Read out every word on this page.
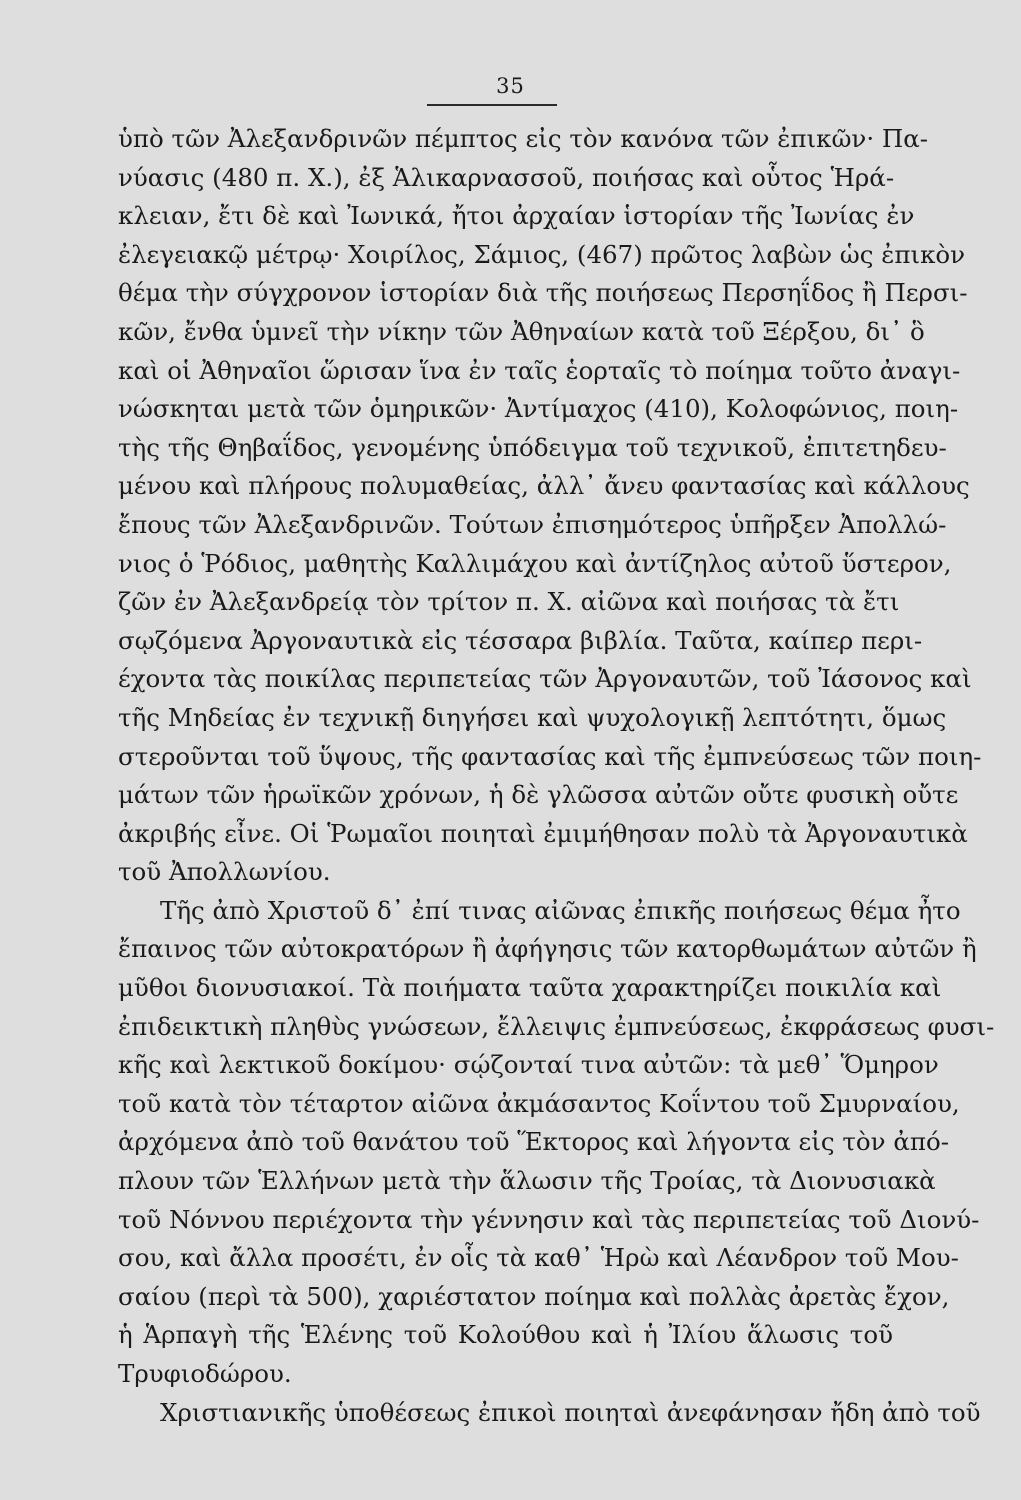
35
ὑπὸ τῶν Ἀλεξανδρινῶν πέμπτος εἰς τὸν κανόνα τῶν ἐπικῶν· Πα-
νύασις (480 π. Χ.), ἐξ Ἁλικαρνασσοῦ, ποιήσας καὶ οὗτος Ἡρά-
κλειαν, ἔτι δὲ καὶ Ἰωνικά, ἤτοι ἀρχαίαν ἱστορίαν τῆς Ἰωνίας ἐν
ἐλεγειακῷ μέτρῳ· Χοιρίλος, Σάμιος, (467) πρῶτος λαβὼν ὡς ἐπικὸν
θέμα τὴν σύγχρονον ἱστορίαν διὰ τῆς ποιήσεως Περσηΐδος ἢ Περσι-
κῶν, ἔνθα ὑμνεῖ τὴν νίκην τῶν Ἀθηναίων κατὰ τοῦ Ξέρξου, δι᾿ ὃ
καὶ οἱ Ἀθηναῖοι ὥρισαν ἵνα ἐν ταῖς ἑορταῖς τὸ ποίημα τοῦτο ἀναγι-
νώσκηται μετὰ τῶν ὁμηρικῶν· Ἀντίμαχος (410), Κολοφώνιος, ποιη-
τὴς τῆς Θηβαΐδος, γενομένης ὑπόδειγμα τοῦ τεχνικοῦ, ἐπιτετηδευ-
μένου καὶ πλήρους πολυμαθείας, ἀλλ᾿ ἄνευ φαντασίας καὶ κάλλους
ἔπους τῶν Ἀλεξανδρινῶν. Τούτων ἐπισημότερος ὑπῆρξεν Ἀπολλώ-
νιος ὁ Ῥόδιος, μαθητὴς Καλλιμάχου καὶ ἀντίζηλος αὐτοῦ ὕστερον,
ζῶν ἐν Ἀλεξανδρείᾳ τὸν τρίτον π. Χ. αἰῶνα καὶ ποιήσας τὰ ἔτι
σῳζόμενα Ἀργοναυτικὰ εἰς τέσσαρα βιβλία. Ταῦτα, καίπερ περι-
έχοντα τὰς ποικίλας περιπετείας τῶν Ἀργοναυτῶν, τοῦ Ἰάσονος καὶ
τῆς Μηδείας ἐν τεχνικῇ διηγήσει καὶ ψυχολογικῇ λεπτότητι, ὅμως
στεροῦνται τοῦ ὕψους, τῆς φαντασίας καὶ τῆς ἐμπνεύσεως τῶν ποιη-
μάτων τῶν ἡρωϊκῶν χρόνων, ἡ δὲ γλῶσσα αὐτῶν οὔτε φυσικὴ οὔτε
ἀκριβής εἶνε. Οἱ Ῥωμαῖοι ποιηταὶ ἐμιμήθησαν πολὺ τὰ Ἀργοναυτικὰ
τοῦ Ἀπολλωνίου.
Τῆς ἀπὸ Χριστοῦ δ᾿ ἐπί τινας αἰῶνας ἐπικῆς ποιήσεως θέμα ἦτο
ἔπαινος τῶν αὐτοκρατόρων ἢ ἀφήγησις τῶν κατορθωμάτων αὐτῶν ἢ
μῦθοι διονυσιακοί. Τὰ ποιήματα ταῦτα χαρακτηρίζει ποικιλία καὶ
ἐπιδεικτικὴ πληθὺς γνώσεων, ἔλλειψις ἐμπνεύσεως, ἐκφράσεως φυσι-
κῆς καὶ λεκτικοῦ δοκίμου· σῴζονταί τινα αὐτῶν: τὰ μεθ᾿ Ὅμηρον
τοῦ κατὰ τὸν τέταρτον αἰῶνα ἀκμάσαντος Κοΐντου τοῦ Σμυρναίου,
ἀρχόμενα ἀπὸ τοῦ θανάτου τοῦ Ἕκτορος καὶ λήγοντα εἰς τὸν ἀπό-
πλουν τῶν Ἑλλήνων μετὰ τὴν ἅλωσιν τῆς Τροίας, τὰ Διονυσιακὰ
τοῦ Νόννου περιέχοντα τὴν γέννησιν καὶ τὰς περιπετείας τοῦ Διονύ-
σου, καὶ ἄλλα προσέτι, ἐν οἷς τὰ καθ᾿ Ἡρὼ καὶ Λέανδρον τοῦ Μου-
σαίου (περὶ τὰ 500), χαριέστατον ποίημα καὶ πολλὰς ἀρετὰς ἔχον,
ἡ Ἁρπαγὴ τῆς Ἑλένης τοῦ Κολούθου καὶ ἡ Ἰλίου ἅλωσις τοῦ
Τρυφιοδώρου.
Χριστιανικῆς ὑποθέσεως ἐπικοὶ ποιηταὶ ἀνεφάνησαν ἤδη ἀπὸ τοῦ
